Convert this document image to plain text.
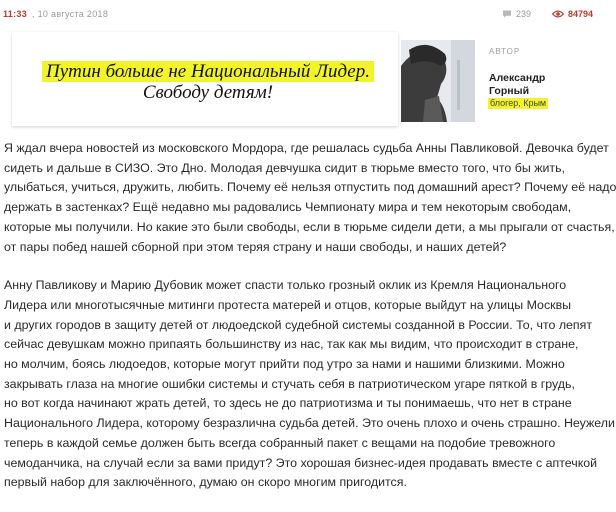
11:33 , 10 августа 2018	239	84794
Путин больше не Национальный Лидер.
Свободу детям!
АВТОР
Александр
Горный
блогер, Крым

Я ждал вчера новостей из московского Мордора, где решалась судьба Анны Павликовой. Девочка будет
сидеть и дальше в СИЗО. Это Дно. Молодая девчушка сидит в тюрьме вместо того, что бы жить,
улыбаться, учиться, дружить, любить. Почему её нельзя отпустить под домашний арест? Почему её надо
держать в застенках? Ещё недавно мы радовались Чемпионату мира и тем некоторым свободам,
которые мы получили. Но какие это были свободы, если в тюрьме сидели дети, а мы прыгали от счастья,
от пары побед нашей сборной при этом теряя страну и наши свободы, и наших детей?

Анну Павликову и Марию Дубовик может спасти только грозный оклик из Кремля Национального
Лидера или многотысячные митинги протеста матерей и отцов, которые выйдут на улицы Москвы
и других городов в защиту детей от людоедской судебной системы созданной в России. То, что лепят
сейчас девушкам можно припаять большинству из нас, так как мы видим, что происходит в стране,
но молчим, боясь людоедов, которые могут прийти под утро за нами и нашими близкими. Можно
закрывать глаза на многие ошибки системы и стучать себя в патриотическом угаре пяткой в грудь,
но вот когда начинают жрать детей, то здесь не до патриотизма и ты понимаешь, что нет в стране
Национального Лидера, которому безразлична судьба детей. Это очень плохо и очень страшно. Неужели
теперь в каждой семье должен быть всегда собранный пакет с вещами на подобие тревожного
чемоданчика, на случай если за вами придут? Это хорошая бизнес-идея продавать вместе с аптечкой
первый набор для заключённого, думаю он скоро многим пригодится.
